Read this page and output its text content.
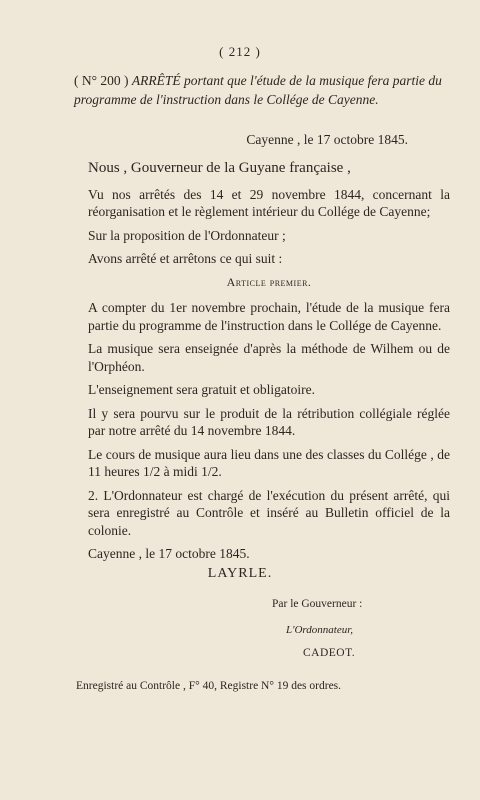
( 212 )
( N° 200 ) ARRÊTÉ portant que l'étude de la musique fera partie du programme de l'instruction dans le Collége de Cayenne.
Cayenne , le 17 octobre 1845.

Nous , Gouverneur de la Guyane française ,

Vu nos arrêtés des 14 et 29 novembre 1844, concernant la réorganisation et le règlement intérieur du Collége de Cayenne;

Sur la proposition de l'Ordonnateur ;

Avons arrêté et arrêtons ce qui suit :

Article premier.

A compter du 1er novembre prochain, l'étude de la musique fera partie du programme de l'instruction dans le Collége de Cayenne.

La musique sera enseignée d'après la méthode de Wilhem ou de l'Orphéon.

L'enseignement sera gratuit et obligatoire.

Il y sera pourvu sur le produit de la rétribution collégiale réglée par notre arrêté du 14 novembre 1844.

Le cours de musique aura lieu dans une des classes du Collége , de 11 heures 1/2 à midi 1/2.

2. L'Ordonnateur est chargé de l'exécution du présent arrêté, qui sera enregistré au Contrôle et inséré au Bulletin officiel de la colonie.

Cayenne , le 17 octobre 1845.

LAYRLE.
Par le Gouverneur :
L'Ordonnateur,
CADEOT.
Enregistré au Contrôle , F° 40, Registre N° 19 des ordres.
